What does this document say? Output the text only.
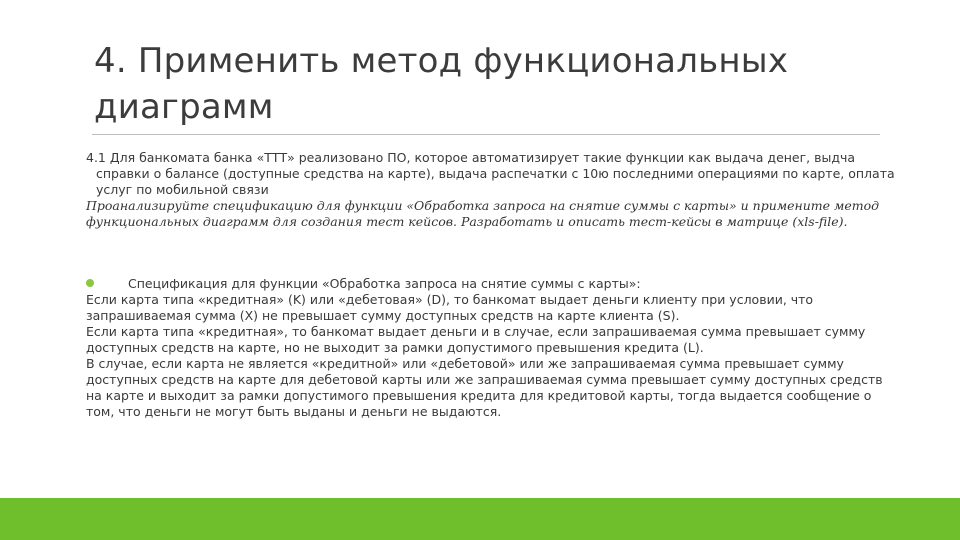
4. Применить метод функциональных диаграмм

4.1 Для банкомата банка «ТТТ» реализовано ПО, которое автоматизирует такие функции как выдача денег, выдча справки о балансе (доступные средства на карте), выдача распечатки с 10ю последними операциями по карте, оплата услуг по мобильной связи

Проанализируйте спецификацию для функции «Обработка запроса на снятие суммы с карты» и примените метод функциональных диаграмм для создания тест кейсов. Разработать и описать тест-кейсы в матрице (xls-file).

Спецификация для функции «Обработка запроса на снятие суммы с карты»:

Если карта типа «кредитная» (K) или «дебетовая» (D), то банкомат выдает деньги клиенту при условии, что запрашиваемая сумма (X) не превышает сумму доступных средств на карте клиента (S).

Если карта типа «кредитная», то банкомат выдает деньги и в случае, если запрашиваемая сумма превышает сумму доступных средств на карте, но не выходит за рамки допустимого превышения кредита (L).

В случае, если карта не является «кредитной» или «дебетовой» или же запрашиваемая сумма превышает сумму доступных средств на карте для дебетовой карты или же запрашиваемая сумма превышает сумму доступных средств на карте и выходит за рамки допустимого превышения кредита для кредитовой карты, тогда выдается сообщение о том, что деньги не могут быть выданы и деньги не выдаются.
